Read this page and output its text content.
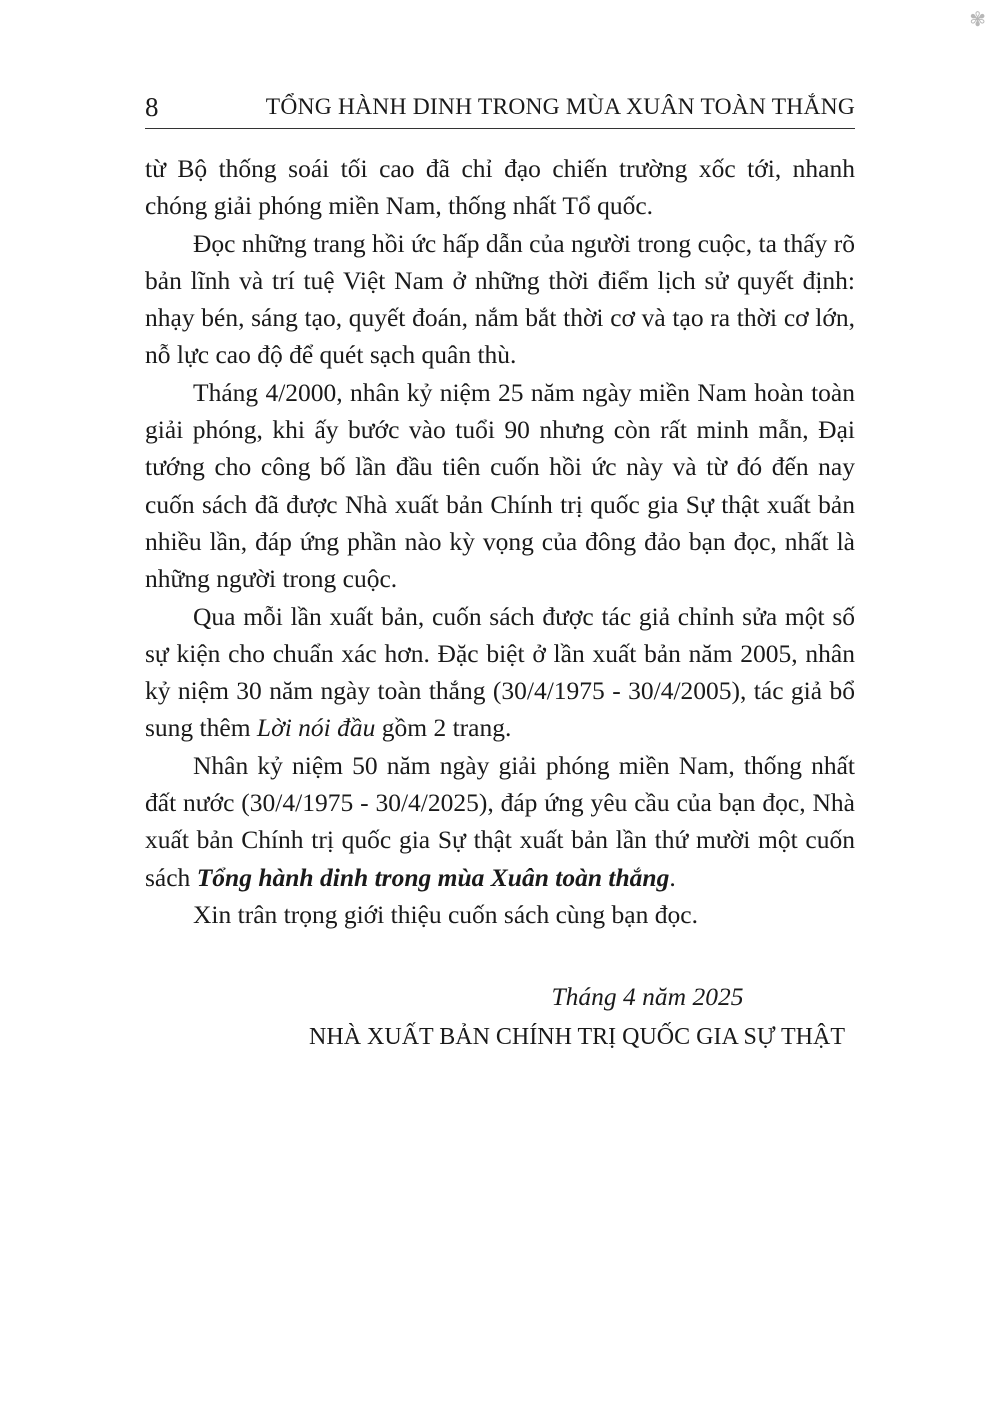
✾
8	TỔNG HÀNH DINH TRONG MÙA XUÂN TOÀN THẮNG

từ Bộ thống soái tối cao đã chỉ đạo chiến trường xốc tới, nhanh chóng giải phóng miền Nam, thống nhất Tổ quốc.

Đọc những trang hồi ức hấp dẫn của người trong cuộc, ta thấy rõ bản lĩnh và trí tuệ Việt Nam ở những thời điểm lịch sử quyết định: nhạy bén, sáng tạo, quyết đoán, nắm bắt thời cơ và tạo ra thời cơ lớn, nỗ lực cao độ để quét sạch quân thù.

Tháng 4/2000, nhân kỷ niệm 25 năm ngày miền Nam hoàn toàn giải phóng, khi ấy bước vào tuổi 90 nhưng còn rất minh mẫn, Đại tướng cho công bố lần đầu tiên cuốn hồi ức này và từ đó đến nay cuốn sách đã được Nhà xuất bản Chính trị quốc gia Sự thật xuất bản nhiều lần, đáp ứng phần nào kỳ vọng của đông đảo bạn đọc, nhất là những người trong cuộc.

Qua mỗi lần xuất bản, cuốn sách được tác giả chỉnh sửa một số sự kiện cho chuẩn xác hơn. Đặc biệt ở lần xuất bản năm 2005, nhân kỷ niệm 30 năm ngày toàn thắng (30/4/1975 - 30/4/2005), tác giả bổ sung thêm Lời nói đầu gồm 2 trang.

Nhân kỷ niệm 50 năm ngày giải phóng miền Nam, thống nhất đất nước (30/4/1975 - 30/4/2025), đáp ứng yêu cầu của bạn đọc, Nhà xuất bản Chính trị quốc gia Sự thật xuất bản lần thứ mười một cuốn sách Tổng hành dinh trong mùa Xuân toàn thắng.

Xin trân trọng giới thiệu cuốn sách cùng bạn đọc.

Tháng 4 năm 2025
NHÀ XUẤT BẢN CHÍNH TRỊ QUỐC GIA SỰ THẬT
